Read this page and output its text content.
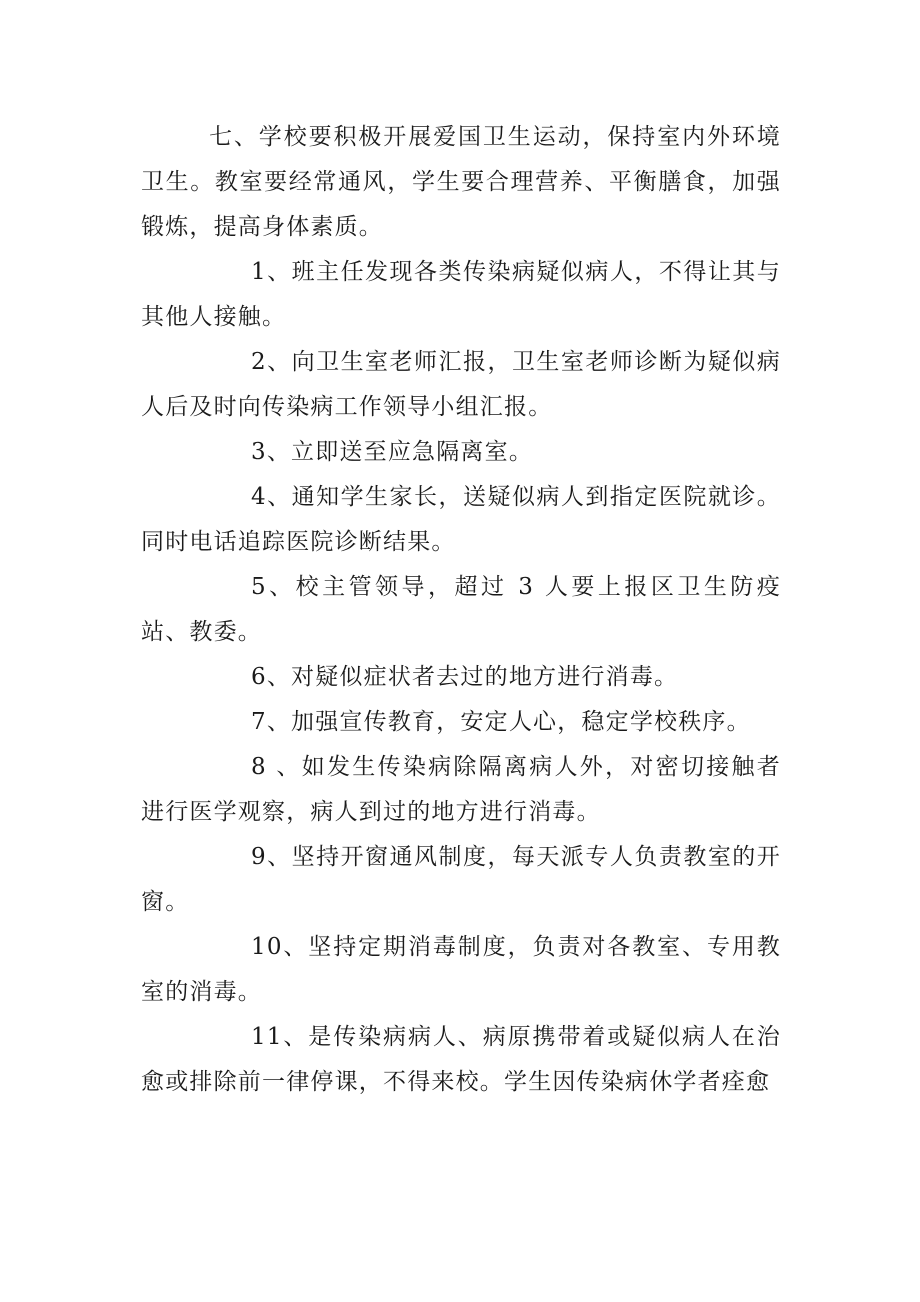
七、学校要积极开展爱国卫生运动，保持室内外环境卫生。教室要经常通风，学生要合理营养、平衡膳食，加强锻炼，提高身体素质。

1、班主任发现各类传染病疑似病人，不得让其与其他人接触。

2、向卫生室老师汇报，卫生室老师诊断为疑似病人后及时向传染病工作领导小组汇报。

3、立即送至应急隔离室。

4、通知学生家长，送疑似病人到指定医院就诊。同时电话追踪医院诊断结果。

5、校主管领导，超过 3 人要上报区卫生防疫站、教委。

6、对疑似症状者去过的地方进行消毒。

7、加强宣传教育，安定人心，稳定学校秩序。

8 、如发生传染病除隔离病人外，对密切接触者进行医学观察，病人到过的地方进行消毒。

9、坚持开窗通风制度，每天派专人负责教室的开窗。

10、坚持定期消毒制度，负责对各教室、专用教室的消毒。

11、是传染病病人、病原携带着或疑似病人在治愈或排除前一律停课，不得来校。学生因传染病休学者痊愈
